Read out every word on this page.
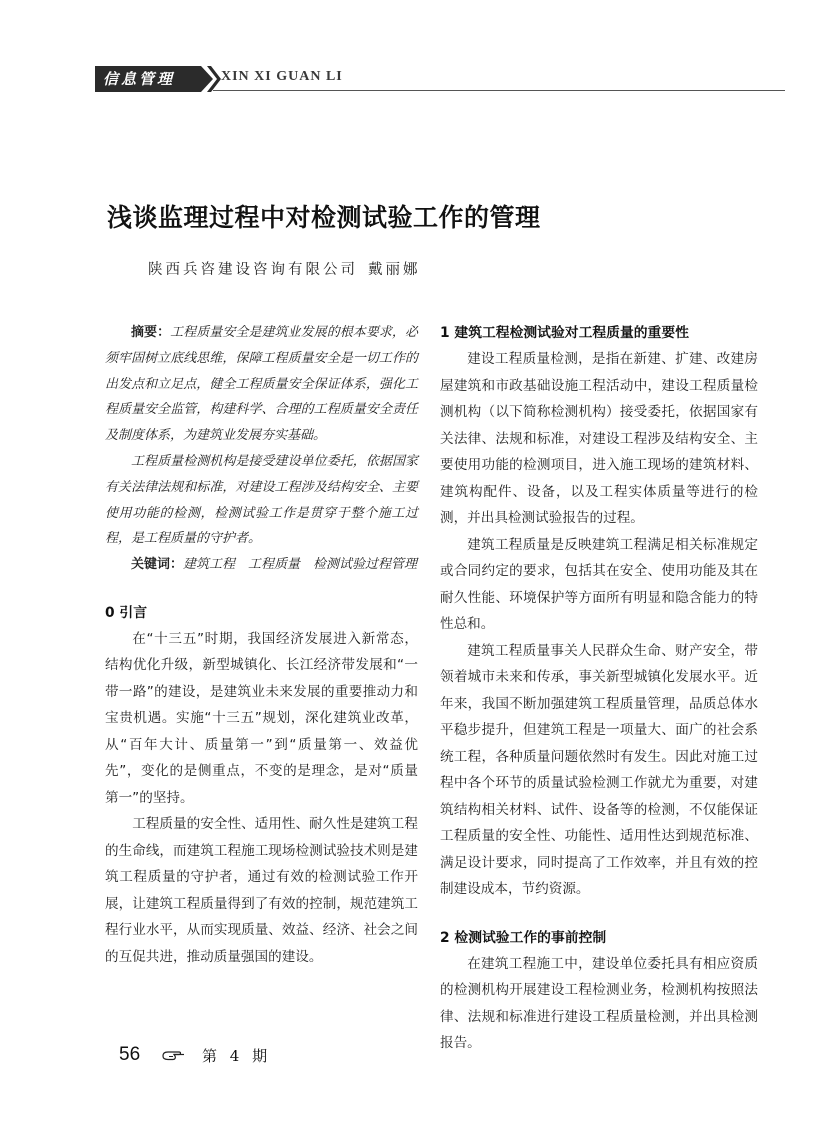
信息管理	XIN XI GUAN LI
浅谈监理过程中对检测试验工作的管理
陕西兵咨建设咨询有限公司 戴丽娜

摘要：工程质量安全是建筑业发展的根本要求，必须牢固树立底线思维，保障工程质量安全是一切工作的出发点和立足点，健全工程质量安全保证体系，强化工程质量安全监管，构建科学、合理的工程质量安全责任及制度体系，为建筑业发展夯实基础。

工程质量检测机构是接受建设单位委托，依据国家有关法律法规和标准，对建设工程涉及结构安全、主要使用功能的检测，检测试验工作是贯穿于整个施工过程，是工程质量的守护者。

关键词：建筑工程　工程质量　检测试验过程管理

0 引言

在“十三五”时期，我国经济发展进入新常态，结构优化升级，新型城镇化、长江经济带发展和“一带一路”的建设，是建筑业未来发展的重要推动力和宝贵机遇。实施“十三五”规划，深化建筑业改革，从“百年大计、质量第一”到“质量第一、效益优先”，变化的是侧重点，不变的是理念，是对“质量第一”的坚持。

工程质量的安全性、适用性、耐久性是建筑工程的生命线，而建筑工程施工现场检测试验技术则是建筑工程质量的守护者，通过有效的检测试验工作开展，让建筑工程质量得到了有效的控制，规范建筑工程行业水平，从而实现质量、效益、经济、社会之间的互促共进，推动质量强国的建设。

1 建筑工程检测试验对工程质量的重要性

建设工程质量检测，是指在新建、扩建、改建房屋建筑和市政基础设施工程活动中，建设工程质量检测机构（以下简称检测机构）接受委托，依据国家有关法律、法规和标准，对建设工程涉及结构安全、主要使用功能的检测项目，进入施工现场的建筑材料、建筑构配件、设备，以及工程实体质量等进行的检测，并出具检测试验报告的过程。

建筑工程质量是反映建筑工程满足相关标准规定或合同约定的要求，包括其在安全、使用功能及其在耐久性能、环境保护等方面所有明显和隐含能力的特性总和。

建筑工程质量事关人民群众生命、财产安全，带领着城市未来和传承，事关新型城镇化发展水平。近年来，我国不断加强建筑工程质量管理，品质总体水平稳步提升，但建筑工程是一项量大、面广的社会系统工程，各种质量问题依然时有发生。因此对施工过程中各个环节的质量试验检测工作就尤为重要，对建筑结构相关材料、试件、设备等的检测，不仅能保证工程质量的安全性、功能性、适用性达到规范标准、满足设计要求，同时提高了工作效率，并且有效的控制建设成本，节约资源。

2 检测试验工作的事前控制

在建筑工程施工中，建设单位委托具有相应资质的检测机构开展建设工程检测业务，检测机构按照法律、法规和标准进行建设工程质量检测，并出具检测报告。

56	第 4 期
